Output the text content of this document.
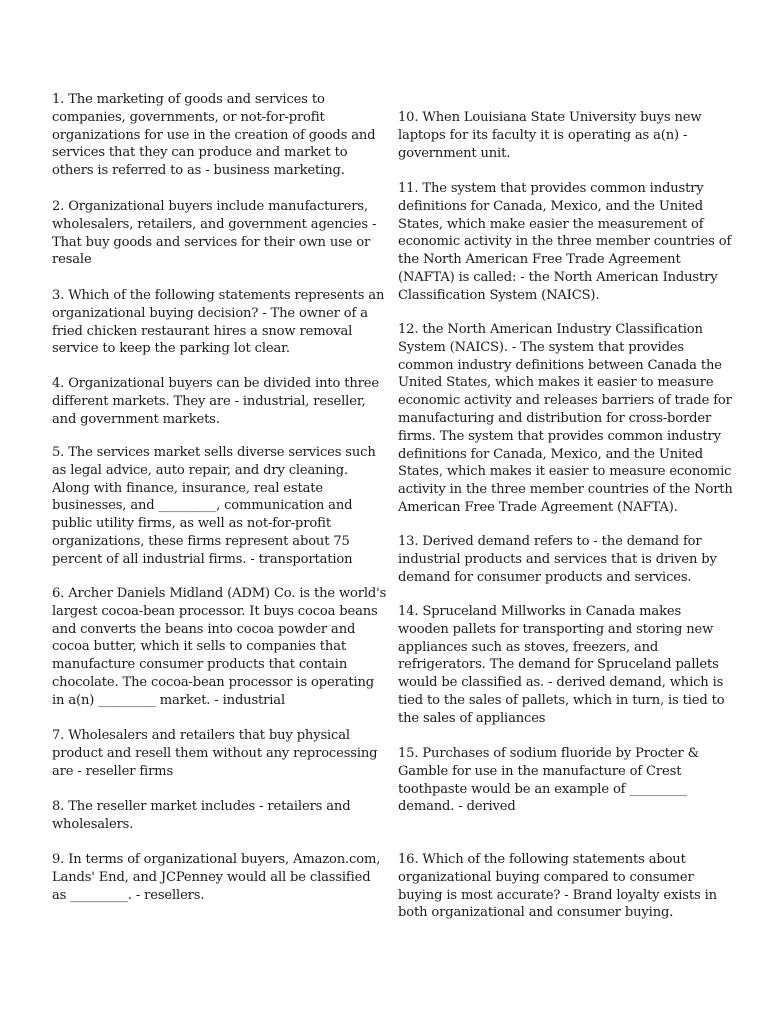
1. The marketing of goods and services to companies, governments, or not-for-profit organizations for use in the creation of goods and services that they can produce and market to others is referred to as - business marketing.

2. Organizational buyers include manufacturers, wholesalers, retailers, and government agencies - That buy goods and services for their own use or resale

3. Which of the following statements represents an organizational buying decision? - The owner of a fried chicken restaurant hires a snow removal service to keep the parking lot clear.

4. Organizational buyers can be divided into three different markets. They are - industrial, reseller, and government markets.

5. The services market sells diverse services such as legal advice, auto repair, and dry cleaning. Along with finance, insurance, real estate businesses, and _________, communication and public utility firms, as well as not-for-profit organizations, these firms represent about 75 percent of all industrial firms. - transportation

6. Archer Daniels Midland (ADM) Co. is the world's largest cocoa-bean processor. It buys cocoa beans and converts the beans into cocoa powder and cocoa butter, which it sells to companies that manufacture consumer products that contain chocolate. The cocoa-bean processor is operating in a(n) _________ market. - industrial

7. Wholesalers and retailers that buy physical product and resell them without any reprocessing are - reseller firms

8. The reseller market includes - retailers and wholesalers.

9. In terms of organizational buyers, Amazon.com, Lands' End, and JCPenney would all be classified as _________. - resellers.

10. When Louisiana State University buys new laptops for its faculty it is operating as a(n) - government unit.

11. The system that provides common industry definitions for Canada, Mexico, and the United States, which make easier the measurement of economic activity in the three member countries of the North American Free Trade Agreement (NAFTA) is called: - the North American Industry Classification System (NAICS).

12. the North American Industry Classification System (NAICS). - The system that provides common industry definitions between Canada the United States, which makes it easier to measure economic activity and releases barriers of trade for manufacturing and distribution for cross-border firms. The system that provides common industry definitions for Canada, Mexico, and the United States, which makes it easier to measure economic activity in the three member countries of the North American Free Trade Agreement (NAFTA).

13. Derived demand refers to - the demand for industrial products and services that is driven by demand for consumer products and services.

14. Spruceland Millworks in Canada makes wooden pallets for transporting and storing new appliances such as stoves, freezers, and refrigerators. The demand for Spruceland pallets would be classified as. - derived demand, which is tied to the sales of pallets, which in turn, is tied to the sales of appliances

15. Purchases of sodium fluoride by Procter & Gamble for use in the manufacture of Crest toothpaste would be an example of _________ demand. - derived

16. Which of the following statements about organizational buying compared to consumer buying is most accurate? - Brand loyalty exists in both organizational and consumer buying.
